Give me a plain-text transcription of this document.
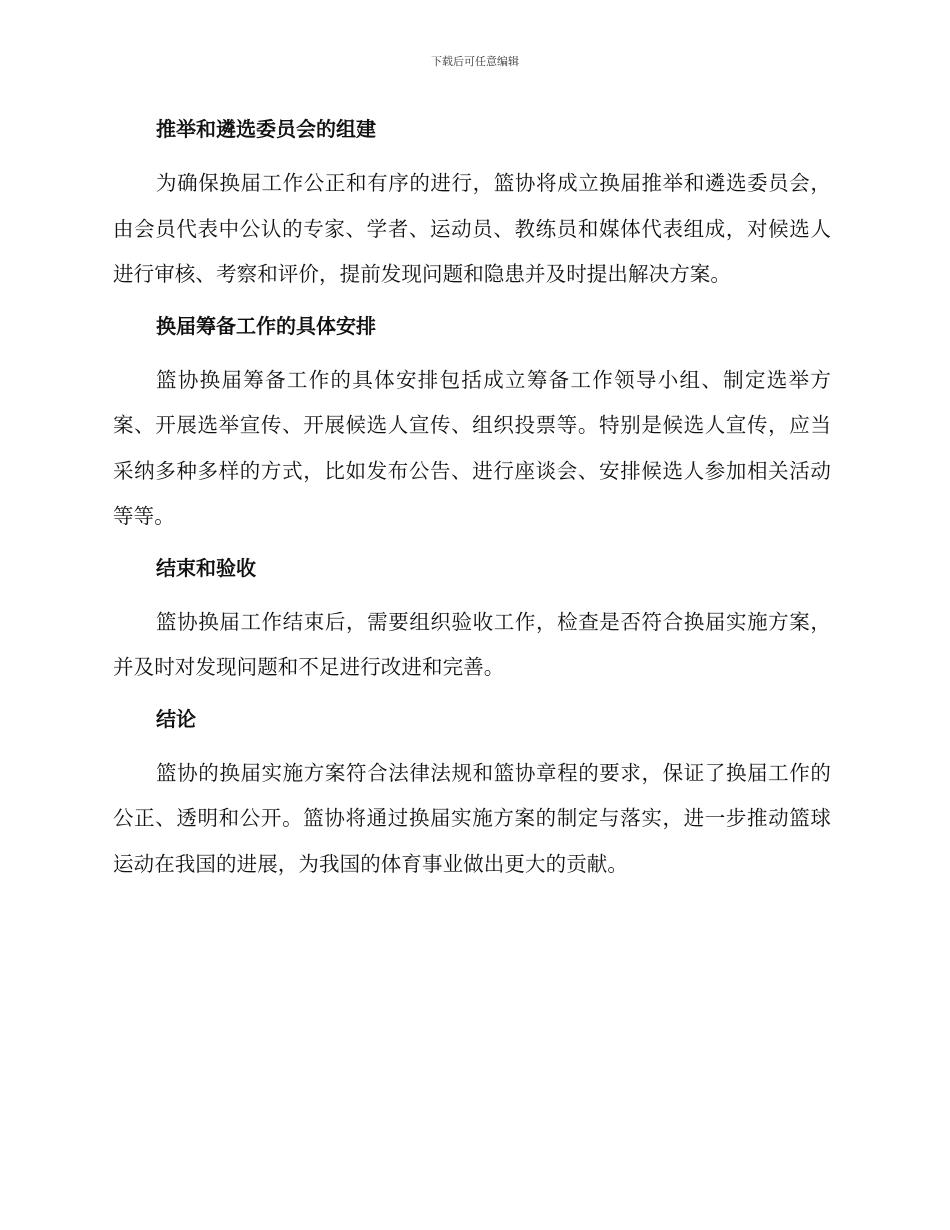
下载后可任意编辑

推举和遴选委员会的组建

为确保换届工作公正和有序的进行，篮协将成立换届推举和遴选委员会，由会员代表中公认的专家、学者、运动员、教练员和媒体代表组成，对候选人进行审核、考察和评价，提前发现问题和隐患并及时提出解决方案。

换届筹备工作的具体安排

篮协换届筹备工作的具体安排包括成立筹备工作领导小组、制定选举方案、开展选举宣传、开展候选人宣传、组织投票等。特别是候选人宣传，应当采纳多种多样的方式，比如发布公告、进行座谈会、安排候选人参加相关活动等等。

结束和验收

篮协换届工作结束后，需要组织验收工作，检查是否符合换届实施方案，并及时对发现问题和不足进行改进和完善。

结论

篮协的换届实施方案符合法律法规和篮协章程的要求，保证了换届工作的公正、透明和公开。篮协将通过换届实施方案的制定与落实，进一步推动篮球运动在我国的进展，为我国的体育事业做出更大的贡献。
